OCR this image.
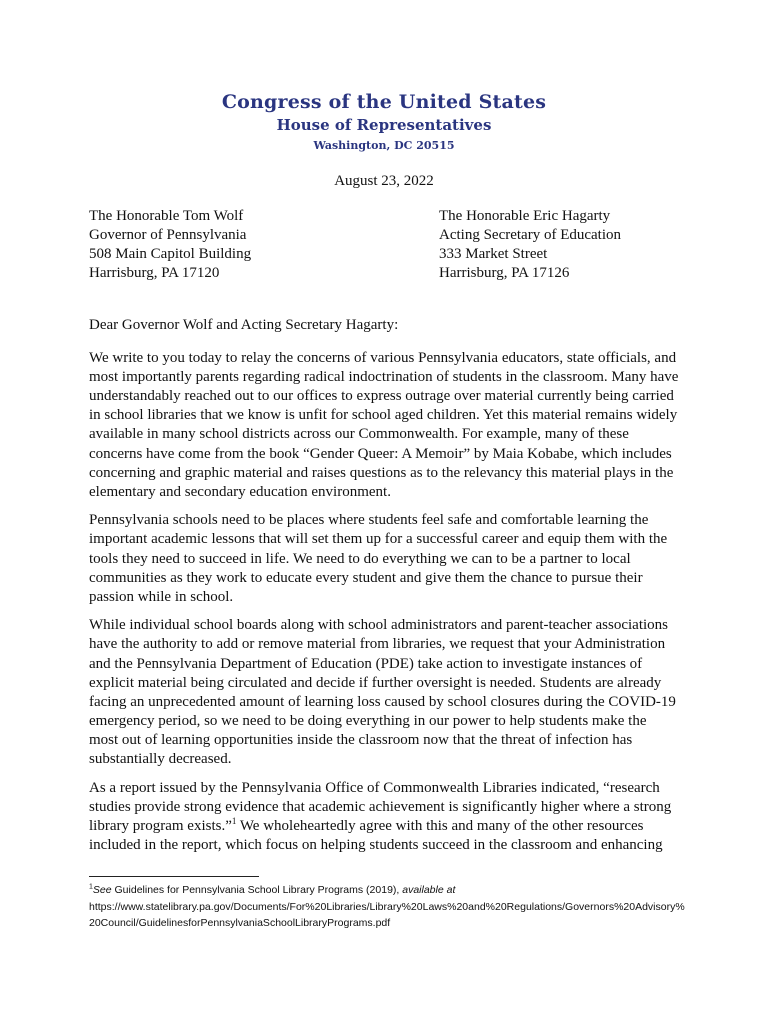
Congress of the United States
House of Representatives
Washington, DC 20515
August 23, 2022
The Honorable Tom Wolf
Governor of Pennsylvania
508 Main Capitol Building
Harrisburg, PA 17120
The Honorable Eric Hagarty
Acting Secretary of Education
333 Market Street
Harrisburg, PA 17126

Dear Governor Wolf and Acting Secretary Hagarty:

We write to you today to relay the concerns of various Pennsylvania educators, state officials, and most importantly parents regarding radical indoctrination of students in the classroom. Many have understandably reached out to our offices to express outrage over material currently being carried in school libraries that we know is unfit for school aged children. Yet this material remains widely available in many school districts across our Commonwealth. For example, many of these concerns have come from the book “Gender Queer: A Memoir” by Maia Kobabe, which includes concerning and graphic material and raises questions as to the relevancy this material plays in the elementary and secondary education environment.

Pennsylvania schools need to be places where students feel safe and comfortable learning the important academic lessons that will set them up for a successful career and equip them with the tools they need to succeed in life. We need to do everything we can to be a partner to local communities as they work to educate every student and give them the chance to pursue their passion while in school.

While individual school boards along with school administrators and parent-teacher associations have the authority to add or remove material from libraries, we request that your Administration and the Pennsylvania Department of Education (PDE) take action to investigate instances of explicit material being circulated and decide if further oversight is needed. Students are already facing an unprecedented amount of learning loss caused by school closures during the COVID-19 emergency period, so we need to be doing everything in our power to help students make the most out of learning opportunities inside the classroom now that the threat of infection has substantially decreased.

As a report issued by the Pennsylvania Office of Commonwealth Libraries indicated, “research studies provide strong evidence that academic achievement is significantly higher where a strong library program exists.”$^1$ We wholeheartedly agree with this and many of the other resources included in the report, which focus on helping students succeed in the classroom and enhancing

$^1$See Guidelines for Pennsylvania School Library Programs (2019), available at
https://www.statelibrary.pa.gov/Documents/For%20Libraries/Library%20Laws%20and%20Regulations/Governors%20Advisory%20Council/GuidelinesforPennsylvaniaSchoolLibraryPrograms.pdf
